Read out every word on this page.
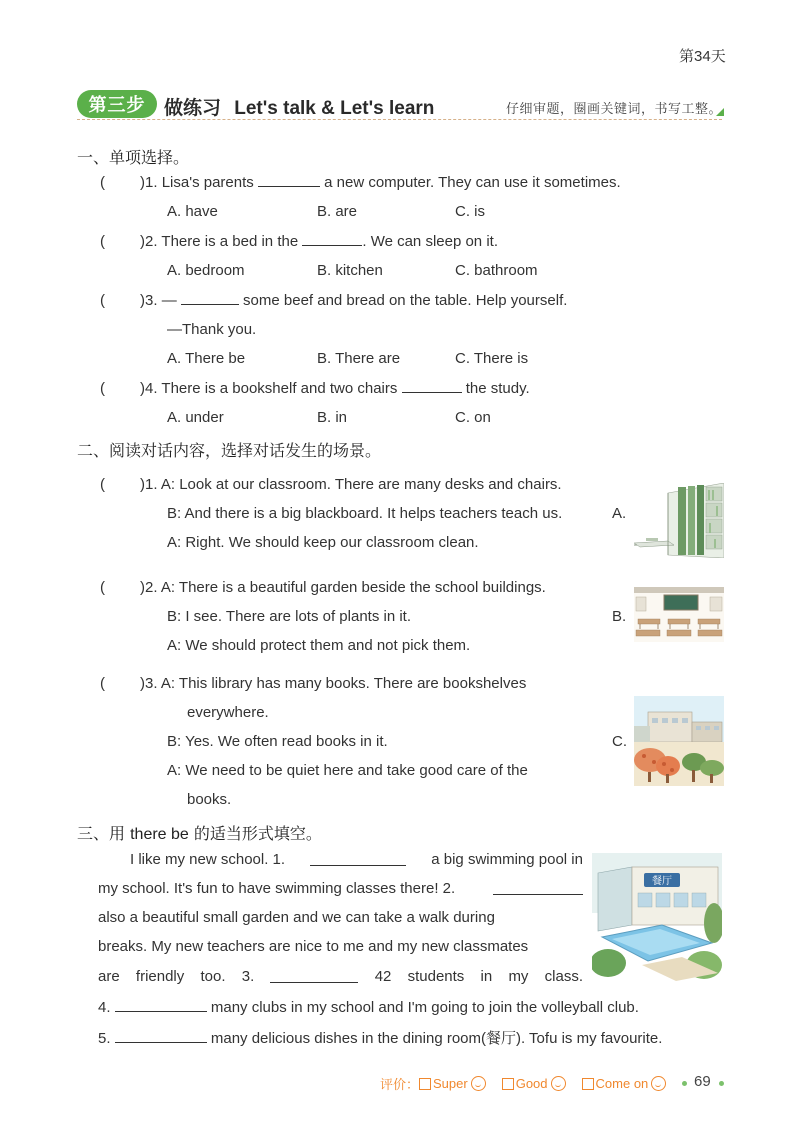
第34天
第三步 做练习 Let's talk & Let's learn	仔细审题，圈画关键词，书写工整。
一、单项选择。
( )1. Lisa's parents	a new computer. They can use it sometimes.
A. have	B. are	C. is
( )2. There is a bed in the	. We can sleep on it.
A. bedroom	B. kitchen	C. bathroom
( )3. —	some beef and bread on the table. Help yourself.
—Thank you.
A. There be	B. There are	C. There is
( )4. There is a bookshelf and two chairs	the study.
A. under	B. in	C. on
二、阅读对话内容，选择对话发生的场景。
( )1. A: Look at our classroom. There are many desks and chairs.
B: And there is a big blackboard. It helps teachers teach us.
A: Right. We should keep our classroom clean.
A.
( )2. A: There is a beautiful garden beside the school buildings.
B: I see. There are lots of plants in it.
A: We should protect them and not pick them.
B.
( )3. A: This library has many books. There are bookshelves
everywhere.
B: Yes. We often read books in it.
A: We need to be quiet here and take good care of the
books.
C.
三、用 there be 的适当形式填空。
I like my new school. 1.	a big swimming pool in
my school. It's fun to have swimming classes there! 2.
also a beautiful small garden and we can take a walk during
breaks. My new teachers are nice to me and my new classmates
are friendly too. 3.	42 students in my class.
4.	many clubs in my school and I'm going to join the volleyball club.
5.	many delicious dishes in the dining room(餐厅). Tofu is my favourite.
餐厅
评价： Super	Good	Come on	69
